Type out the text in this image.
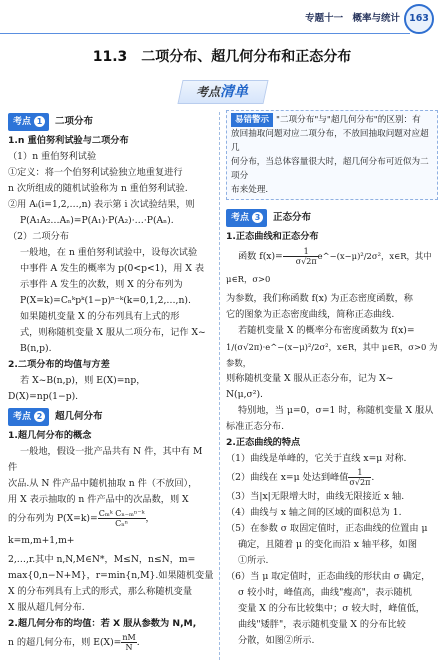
专题十一 概率与统计 163
11.3　二项分布、超几何分布和正态分布
考点清单

考点 1 二项分布

1.n 重伯努利试验与二项分布

（1）n 重伯努利试验

①定义：将一个伯努利试验独立地重复进行

n 次所组成的随机试验称为 n 重伯努利试验.

②用 Aᵢ(i=1,2,…,n) 表示第 i 次试验结果，则

P(A₁A₂…Aₙ)=P(A₁)·P(A₂)·…·P(Aₙ).

（2）二项分布

一般地，在 n 重伯努利试验中，设每次试验

中事件 A 发生的概率为 p(0<p<1)，用 X 表

示事件 A 发生的次数，则 X 的分布列为

P(X=k)=Cₙᵏpᵏ(1−p)ⁿ⁻ᵏ(k=0,1,2,…,n).

如果随机变量 X 的分布列具有上式的形

式，则称随机变量 X 服从二项分布，记作 X~

B(n,p).

2.二项分布的均值与方差

若 X~B(n,p)，则 E(X)=np，D(X)=np(1−p).

考点 2 超几何分布

1.超几何分布的概念

一般地，假设一批产品共有 N 件，其中有 M 件

次品.从 N 件产品中随机抽取 n 件（不放回），

用 X 表示抽取的 n 件产品中的次品数，则 X

的分布列为 $P(X=k)= \frac{\text{Cₘᵏ Cₙ₋ₘⁿ⁻ᵏ}}{\text{Cₙⁿ}}$ ，k=m,m+1,m+

2,…,r.其中 n,N,M∈N*，M≤N，n≤N，m=

max{0,n−N+M}，r=min{n,M}.如果随机变量

X 的分布列具有上式的形式，那么称随机变量

X 服从超几何分布.

2.超几何分布的均值：若 X 服从参数为 N,M,

n 的超几何分布，则 $E(X)= \frac{nM}{N}$ .

易错警示 "二项分布"与"超几何分布"的区别：有
放回抽取问题对应二项分布，不放回抽取问题对应超几
何分布，当总体容量很大时，超几何分布可近似为二项分
布来处理.

考点 3 正态分布

1.正态曲线和正态分布

函数 $f(x)= \frac{1}{\sigma√2\pi}$ e^−(x−μ)²/2σ²，x∈R，其中 μ∈R，σ>0

为参数，我们称函数 f(x) 为正态密度函数，称

它的图象为正态密度曲线，简称正态曲线.

若随机变量 X 的概率分布密度函数为 f(x)=

1/(σ√2π)·e^−(x−μ)²/2σ²，x∈R，其中 μ∈R，σ>0 为参数，

则称随机变量 X 服从正态分布，记为 X~

N(μ,σ²).

特别地，当 μ=0，σ=1 时，称随机变量 X 服从

标准正态分布.

2.正态曲线的特点

（1）曲线是单峰的，它关于直线 x=μ 对称.

（2）曲线在 x=μ 处达到峰值 $\frac{1}{\sigma√2\pi}$ .

（3）当|x|无限增大时，曲线无限接近 x 轴.

（4）曲线与 x 轴之间的区域的面积总为 1.

（5）在参数 σ 取固定值时，正态曲线的位置由 μ

确定，且随着 μ 的变化而沿 x 轴平移，如图

①所示.

（6）当 μ 取定值时，正态曲线的形状由 σ 确定，

σ 较小时，峰值高，曲线"瘦高"，表示随机

变量 X 的分布比较集中；σ 较大时，峰值低，

曲线"矮胖"，表示随机变量 X 的分布比较

分散，如图②所示.
